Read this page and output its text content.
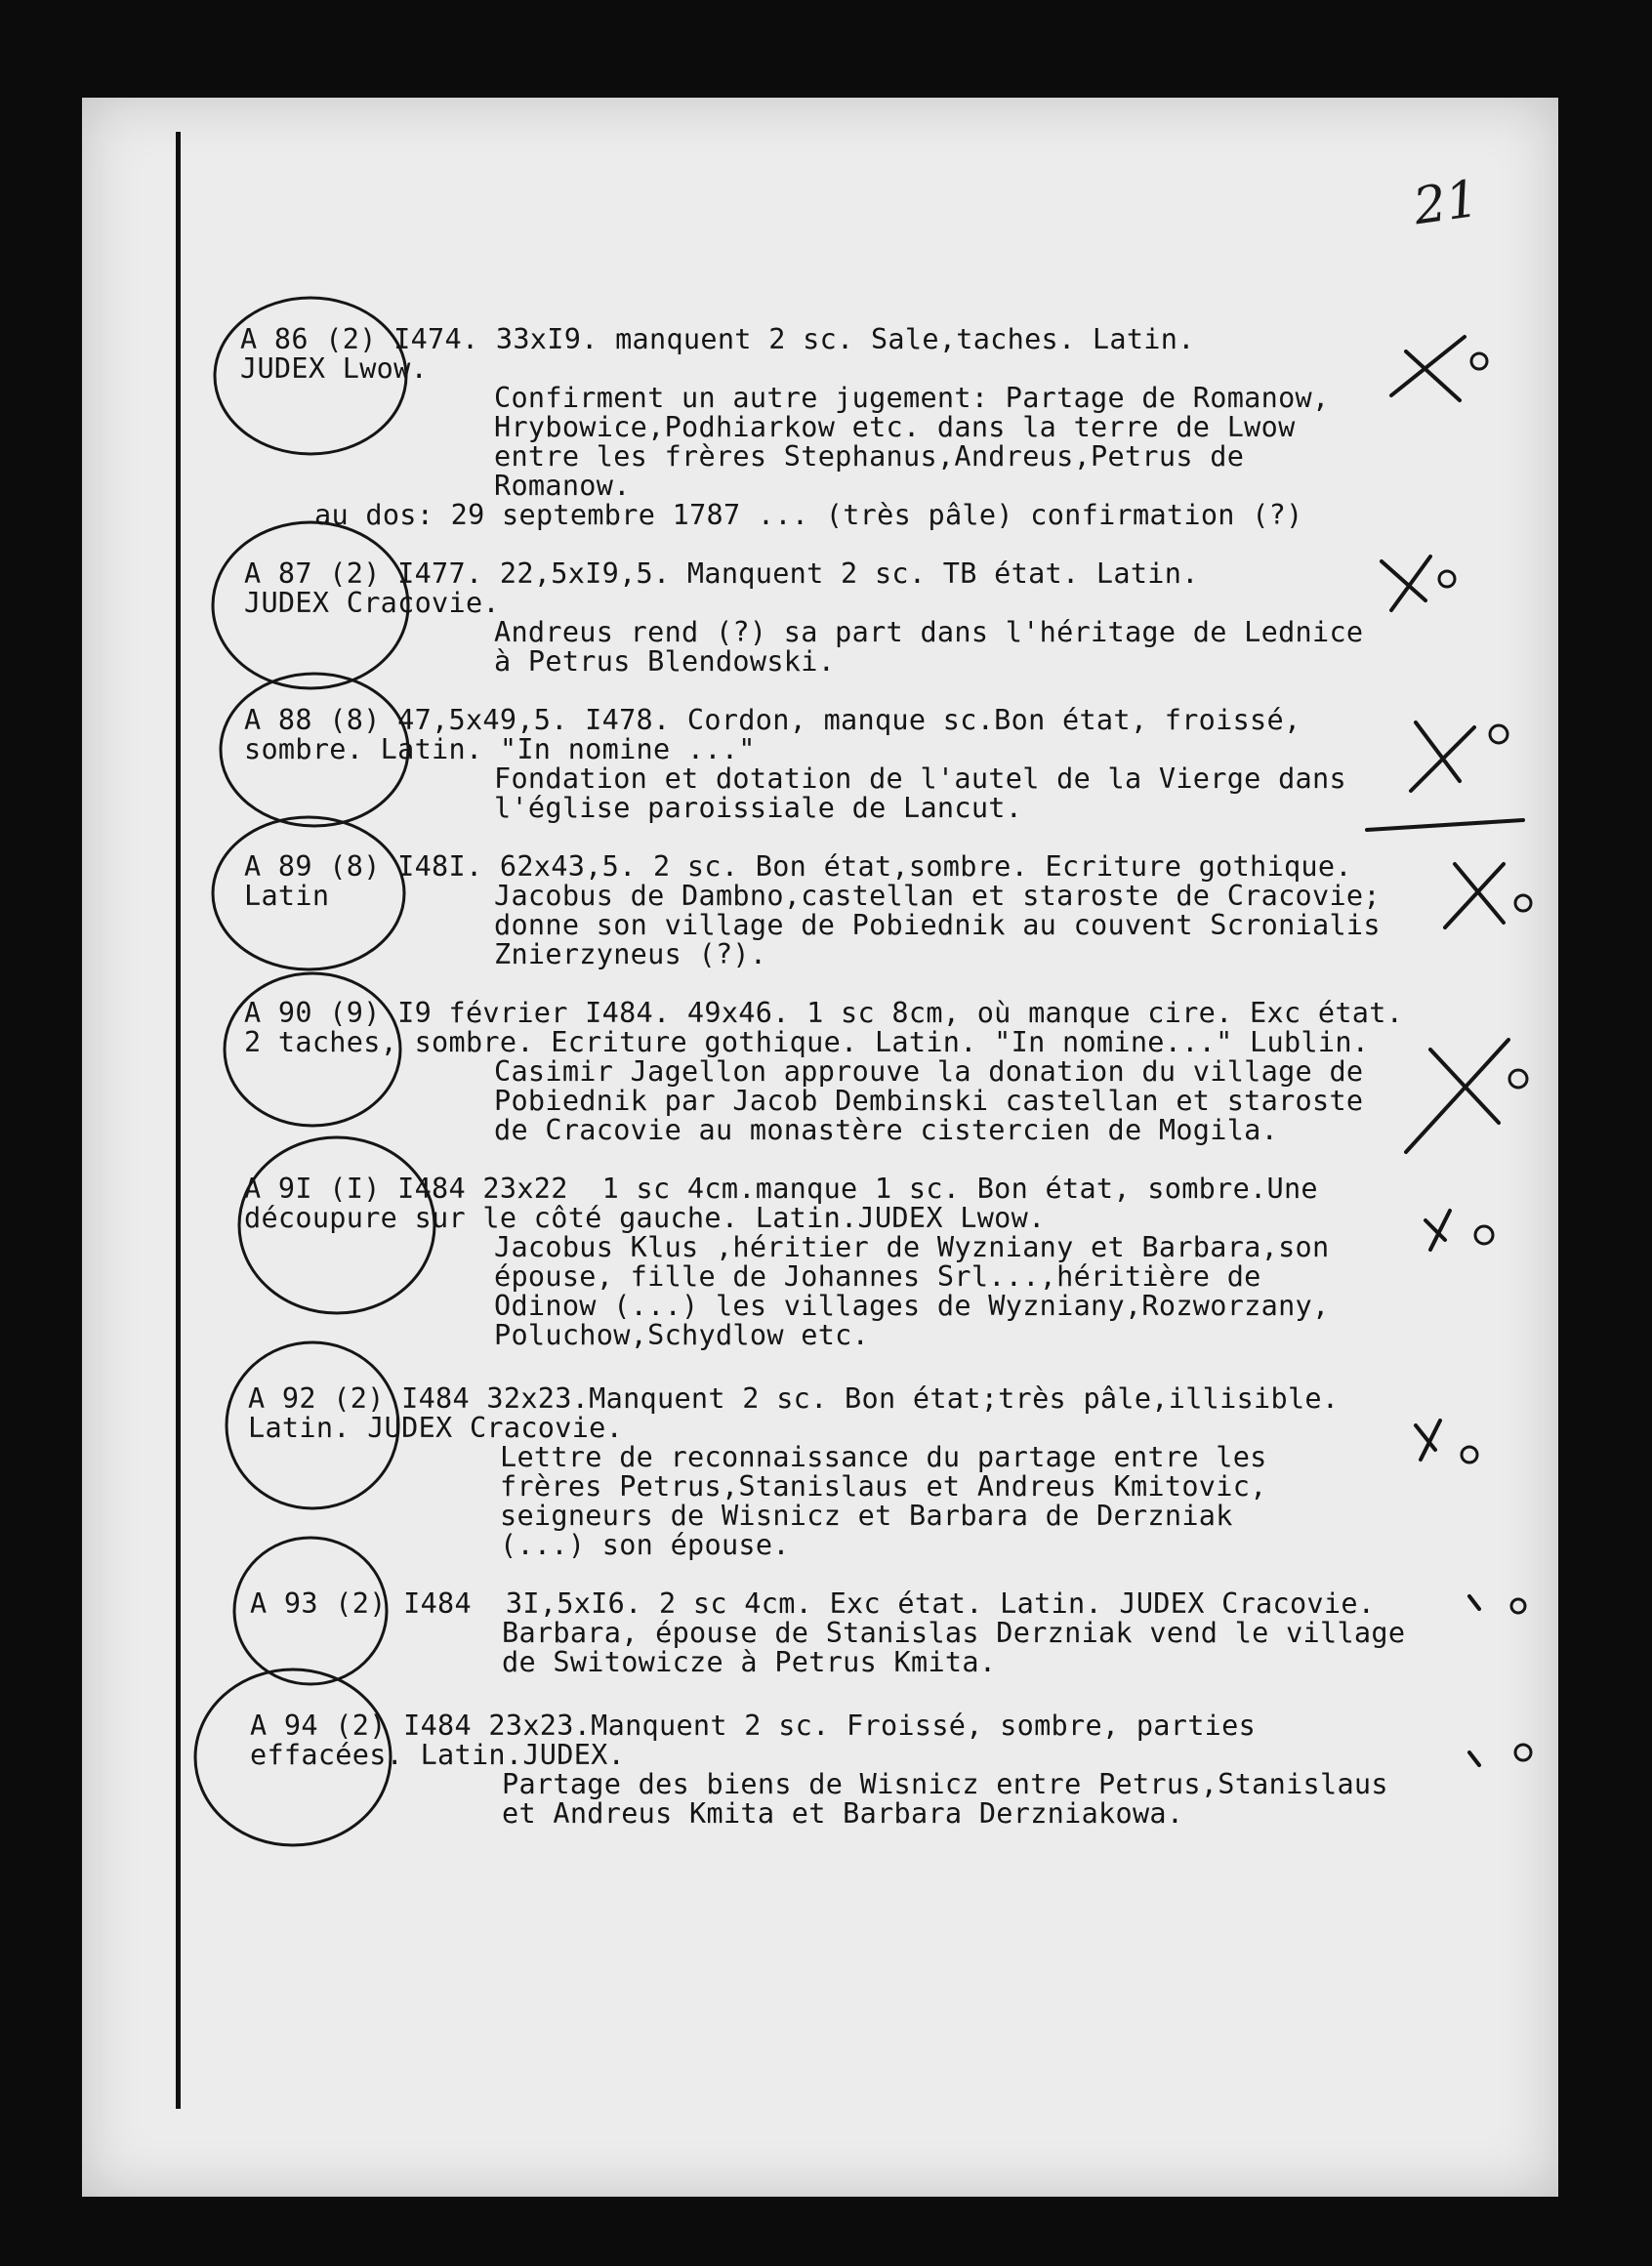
21
A 86 (2) I474. 33xI9. manquent 2 sc. Sale,taches. Latin.
JUDEX Lwow.
Confirment un autre jugement: Partage de Romanow,
Hrybowice,Podhiarkow etc. dans la terre de Lwow
entre les frères Stephanus,Andreus,Petrus de
Romanow.
au dos: 29 septembre 1787 ... (très pâle) confirmation (?)
A 87 (2) I477. 22,5xI9,5. Manquent 2 sc. TB état. Latin.
JUDEX Cracovie.
Andreus rend (?) sa part dans l'héritage de Lednice
à Petrus Blendowski.
A 88 (8) 47,5x49,5. I478. Cordon, manque sc.Bon état, froissé,
sombre. Latin. "In nomine ..."
Fondation et dotation de l'autel de la Vierge dans
l'église paroissiale de Lancut.
A 89 (8) I48I. 62x43,5. 2 sc. Bon état,sombre. Ecriture gothique.
Latin	Jacobus de Dambno,castellan et staroste de Cracovie;
donne son village de Pobiednik au couvent Scronialis
Znierzyneus (?).
A 90 (9) I9 février I484. 49x46. 1 sc 8cm, où manque cire. Exc état.
2 taches, sombre. Ecriture gothique. Latin. "In nomine..." Lublin.
Casimir Jagellon approuve la donation du village de
Pobiednik par Jacob Dembinski castellan et staroste
de Cracovie au monastère cistercien de Mogila.
A 9I (I) I484 23x22  1 sc 4cm.manque 1 sc. Bon état, sombre.Une
découpure sur le côté gauche. Latin.JUDEX Lwow.
Jacobus Klus ,héritier de Wyzniany et Barbara,son
épouse, fille de Johannes Srl...,héritière de
Odinow (...) les villages de Wyzniany,Rozworzany,
Poluchow,Schydlow etc.
A 92 (2) I484 32x23.Manquent 2 sc. Bon état;très pâle,illisible.
Latin. JUDEX Cracovie.
Lettre de reconnaissance du partage entre les
frères Petrus,Stanislaus et Andreus Kmitovic,
seigneurs de Wisnicz et Barbara de Derzniak
(...) son épouse.
A 93 (2) I484  3I,5xI6. 2 sc 4cm. Exc état. Latin. JUDEX Cracovie.
Barbara, épouse de Stanislas Derzniak vend le village
de Switowicze à Petrus Kmita.
A 94 (2) I484 23x23.Manquent 2 sc. Froissé, sombre, parties
effacées. Latin.JUDEX.
Partage des biens de Wisnicz entre Petrus,Stanislaus
et Andreus Kmita et Barbara Derzniakowa.
